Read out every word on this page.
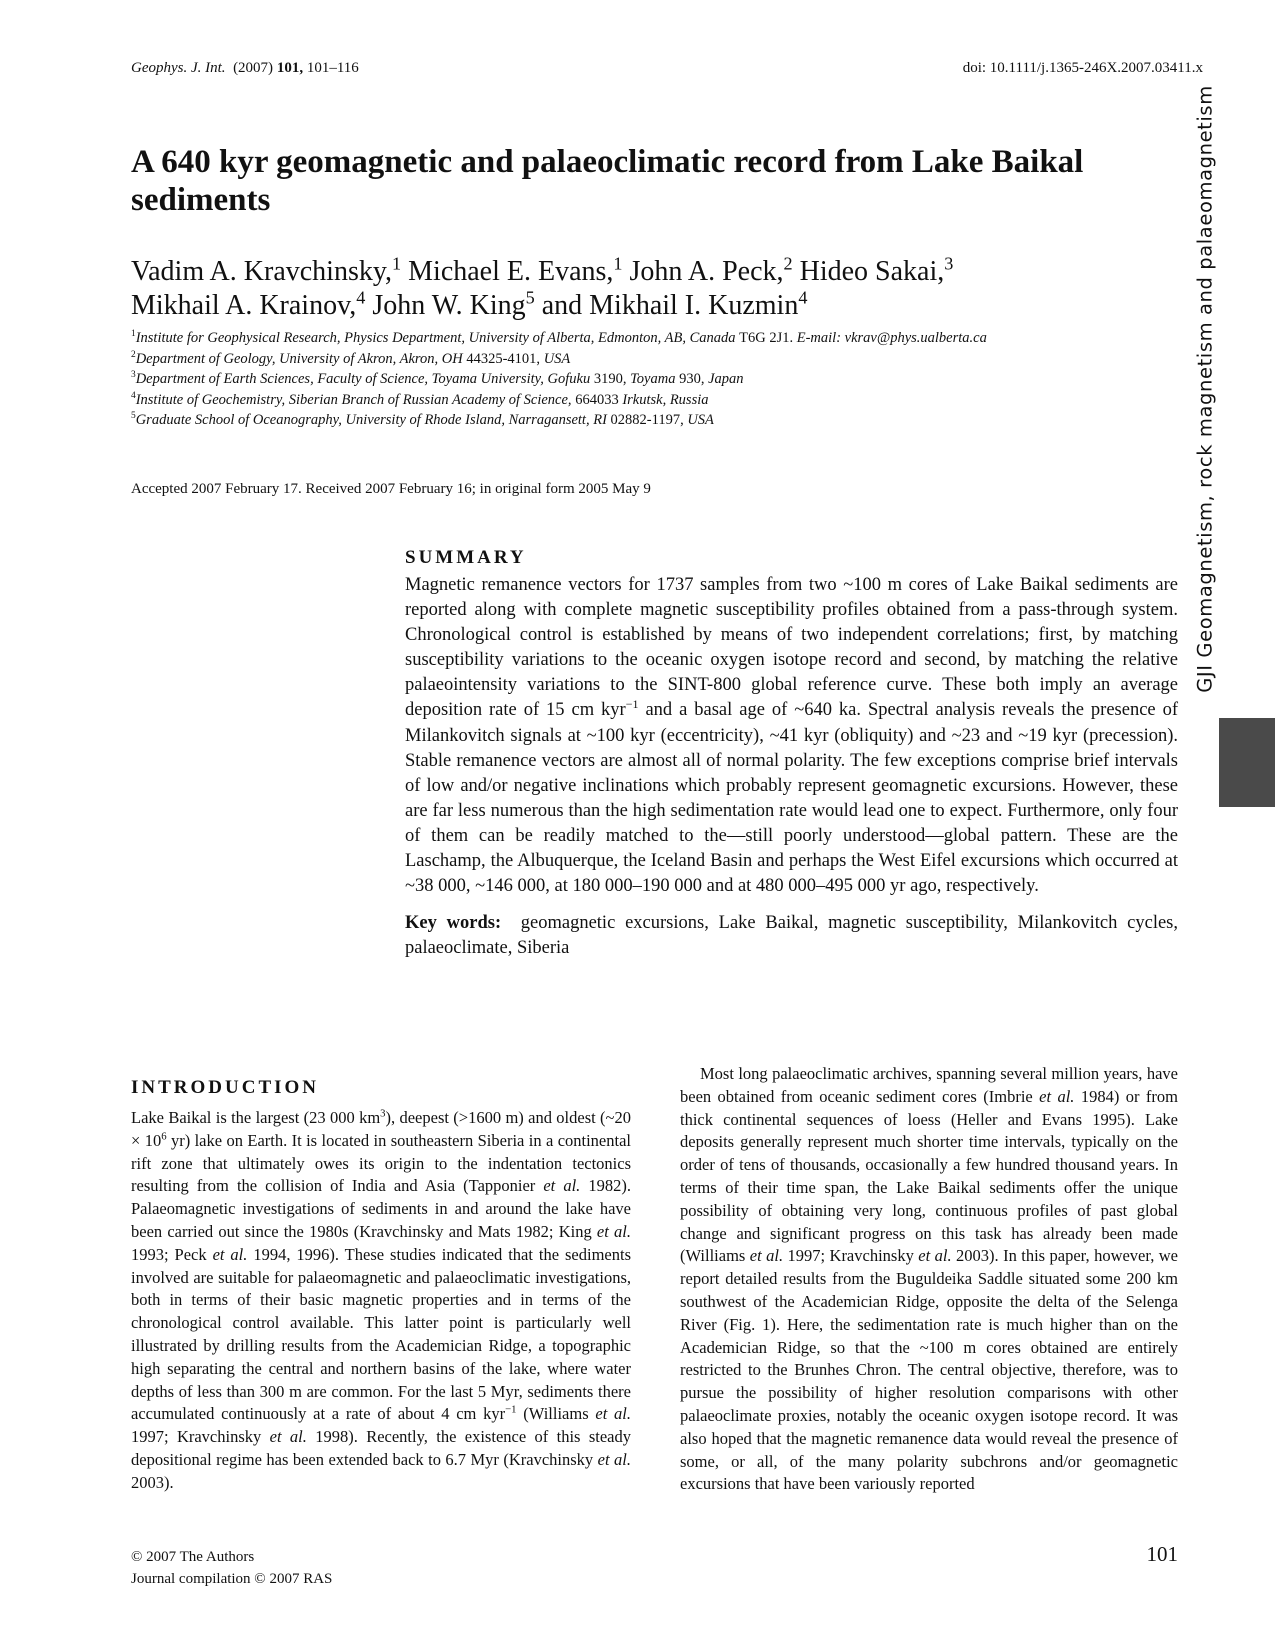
Geophys. J. Int. (2007) 101, 101–116	doi: 10.1111/j.1365-246X.2007.03411.x
A 640 kyr geomagnetic and palaeoclimatic record from Lake Baikal sediments
Vadim A. Kravchinsky,$^1$ Michael E. Evans,$^1$ John A. Peck,$^2$ Hideo Sakai,$^3$
Mikhail A. Krainov,$^4$ John W. King$^5$ and Mikhail I. Kuzmin$^4$
$^1$Institute for Geophysical Research, Physics Department, University of Alberta, Edmonton, AB, Canada T6G 2J1. E-mail: vkrav@phys.ualberta.ca
$^2$Department of Geology, University of Akron, Akron, OH 44325-4101, USA
$^3$Department of Earth Sciences, Faculty of Science, Toyama University, Gofuku 3190, Toyama 930, Japan
$^4$Institute of Geochemistry, Siberian Branch of Russian Academy of Science, 664033 Irkutsk, Russia
$^5$Graduate School of Oceanography, University of Rhode Island, Narragansett, RI 02882-1197, USA
Accepted 2007 February 17. Received 2007 February 16; in original form 2005 May 9
SUMMARY

Magnetic remanence vectors for 1737 samples from two ~100 m cores of Lake Baikal sediments are reported along with complete magnetic susceptibility profiles obtained from a pass-through system. Chronological control is established by means of two independent correlations; first, by matching susceptibility variations to the oceanic oxygen isotope record and second, by matching the relative palaeointensity variations to the SINT-800 global reference curve. These both imply an average deposition rate of 15 cm kyr$^{-1}$ and a basal age of ~640 ka. Spectral analysis reveals the presence of Milankovitch signals at ~100 kyr (eccentricity), ~41 kyr (obliquity) and ~23 and ~19 kyr (precession). Stable remanence vectors are almost all of normal polarity. The few exceptions comprise brief intervals of low and/or negative inclinations which probably represent geomagnetic excursions. However, these are far less numerous than the high sedimentation rate would lead one to expect. Furthermore, only four of them can be readily matched to the—still poorly understood—global pattern. These are the Laschamp, the Albuquerque, the Iceland Basin and perhaps the West Eifel excursions which occurred at ~38 000, ~146 000, at 180 000–190 000 and at 480 000–495 000 yr ago, respectively.

Key words: geomagnetic excursions, Lake Baikal, magnetic susceptibility, Milankovitch cycles, palaeoclimate, Siberia
INTRODUCTION

Lake Baikal is the largest (23 000 $km^3$), deepest (>1600 m) and oldest (~20 × $10^6$ yr) lake on Earth. It is located in southeastern Siberia in a continental rift zone that ultimately owes its origin to the indentation tectonics resulting from the collision of India and Asia (Tapponier et al. 1982). Palaeomagnetic investigations of sediments in and around the lake have been carried out since the 1980s (Kravchinsky and Mats 1982; King et al. 1993; Peck et al. 1994, 1996). These studies indicated that the sediments involved are suitable for palaeomagnetic and palaeoclimatic investigations, both in terms of their basic magnetic properties and in terms of the chronological control available. This latter point is particularly well illustrated by drilling results from the Academician Ridge, a topographic high separating the central and northern basins of the lake, where water depths of less than 300 m are common. For the last 5 Myr, sediments there accumulated continuously at a rate of about 4 cm kyr$^{-1}$ (Williams et al. 1997; Kravchinsky et al. 1998). Recently, the existence of this steady depositional regime has been extended back to 6.7 Myr (Kravchinsky et al. 2003).

Most long palaeoclimatic archives, spanning several million years, have been obtained from oceanic sediment cores (Imbrie et al. 1984) or from thick continental sequences of loess (Heller and Evans 1995). Lake deposits generally represent much shorter time intervals, typically on the order of tens of thousands, occasionally a few hundred thousand years. In terms of their time span, the Lake Baikal sediments offer the unique possibility of obtaining very long, continuous profiles of past global change and significant progress on this task has already been made (Williams et al. 1997; Kravchinsky et al. 2003). In this paper, however, we report detailed results from the Buguldeika Saddle situated some 200 km southwest of the Academician Ridge, opposite the delta of the Selenga River (Fig. 1). Here, the sedimentation rate is much higher than on the Academician Ridge, so that the ~100 m cores obtained are entirely restricted to the Brunhes Chron. The central objective, therefore, was to pursue the possibility of higher resolution comparisons with other palaeoclimate proxies, notably the oceanic oxygen isotope record. It was also hoped that the magnetic remanence data would reveal the presence of some, or all, of the many polarity subchrons and/or geomagnetic excursions that have been variously reported

© 2007 The Authors
Journal compilation © 2007 RAS
101
GJI Geomagnetism, rock magnetism and palaeomagnetism
